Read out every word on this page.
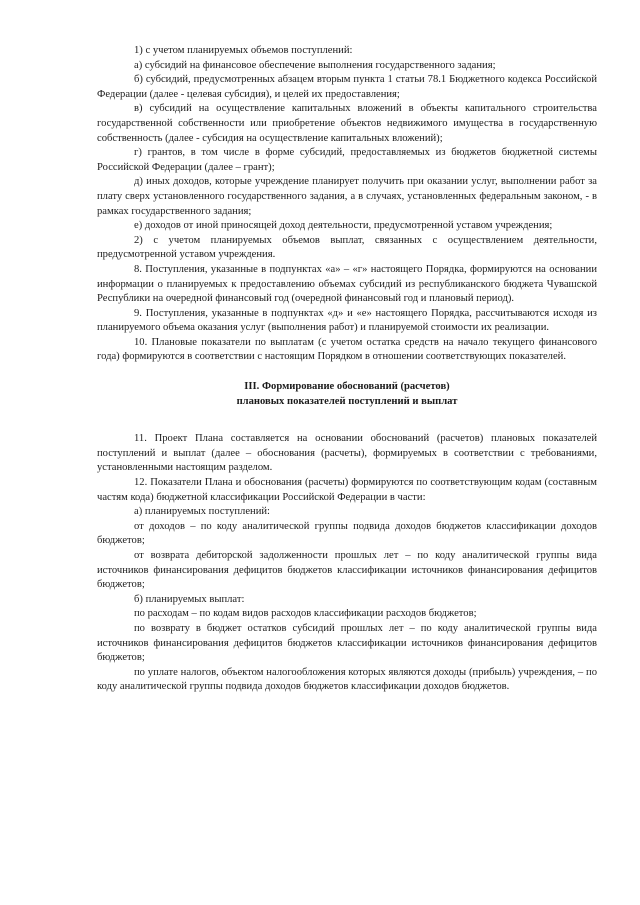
1) с учетом планируемых объемов поступлений:

а) субсидий на финансовое обеспечение выполнения государственного задания;

б) субсидий, предусмотренных абзацем вторым пункта 1 статьи 78.1 Бюджетного кодекса Российской Федерации (далее - целевая субсидия), и целей их предоставления;

в) субсидий на осуществление капитальных вложений в объекты капитального строительства государственной собственности или приобретение объектов недвижимого имущества в государственную собственность (далее - субсидия на осуществление капитальных вложений);

г) грантов, в том числе в форме субсидий, предоставляемых из бюджетов бюджетной системы Российской Федерации (далее – грант);

д) иных доходов, которые учреждение планирует получить при оказании услуг, выполнении работ за плату сверх установленного государственного задания, а в случаях, установленных федеральным законом, - в рамках государственного задания;

е) доходов от иной приносящей доход деятельности, предусмотренной уставом учреждения;

2) с учетом планируемых объемов выплат, связанных с осуществлением деятельности, предусмотренной уставом учреждения.

8. Поступления, указанные в подпунктах «а» – «г» настоящего Порядка, формируются на основании информации о планируемых к предоставлению объемах субсидий из республиканского бюджета Чувашской Республики на очередной финансовый год (очередной финансовый год и плановый период).

9. Поступления, указанные в подпунктах «д» и «е» настоящего Порядка, рассчитываются исходя из планируемого объема оказания услуг (выполнения работ) и планируемой стоимости их реализации.

10. Плановые показатели по выплатам (с учетом остатка средств на начало текущего финансового года) формируются в соответствии с настоящим Порядком в отношении соответствующих показателей.

III. Формирование обоснований (расчетов)

плановых показателей поступлений и выплат

11. Проект Плана составляется на основании обоснований (расчетов) плановых показателей поступлений и выплат (далее – обоснования (расчеты), формируемых в соответствии с требованиями, установленными настоящим разделом.

12. Показатели Плана и обоснования (расчеты) формируются по соответствующим кодам (составным частям кода) бюджетной классификации Российской Федерации в части:

а) планируемых поступлений:

от доходов – по коду аналитической группы подвида доходов бюджетов классификации доходов бюджетов;

от возврата дебиторской задолженности прошлых лет – по коду аналитической группы вида источников финансирования дефицитов бюджетов классификации источников финансирования дефицитов бюджетов;

б) планируемых выплат:

по расходам – по кодам видов расходов классификации расходов бюджетов;

по возврату в бюджет остатков субсидий прошлых лет – по коду аналитической группы вида источников финансирования дефицитов бюджетов классификации источников финансирования дефицитов бюджетов;

по уплате налогов, объектом налогообложения которых являются доходы (прибыль) учреждения, – по коду аналитической группы подвида доходов бюджетов классификации доходов бюджетов.
